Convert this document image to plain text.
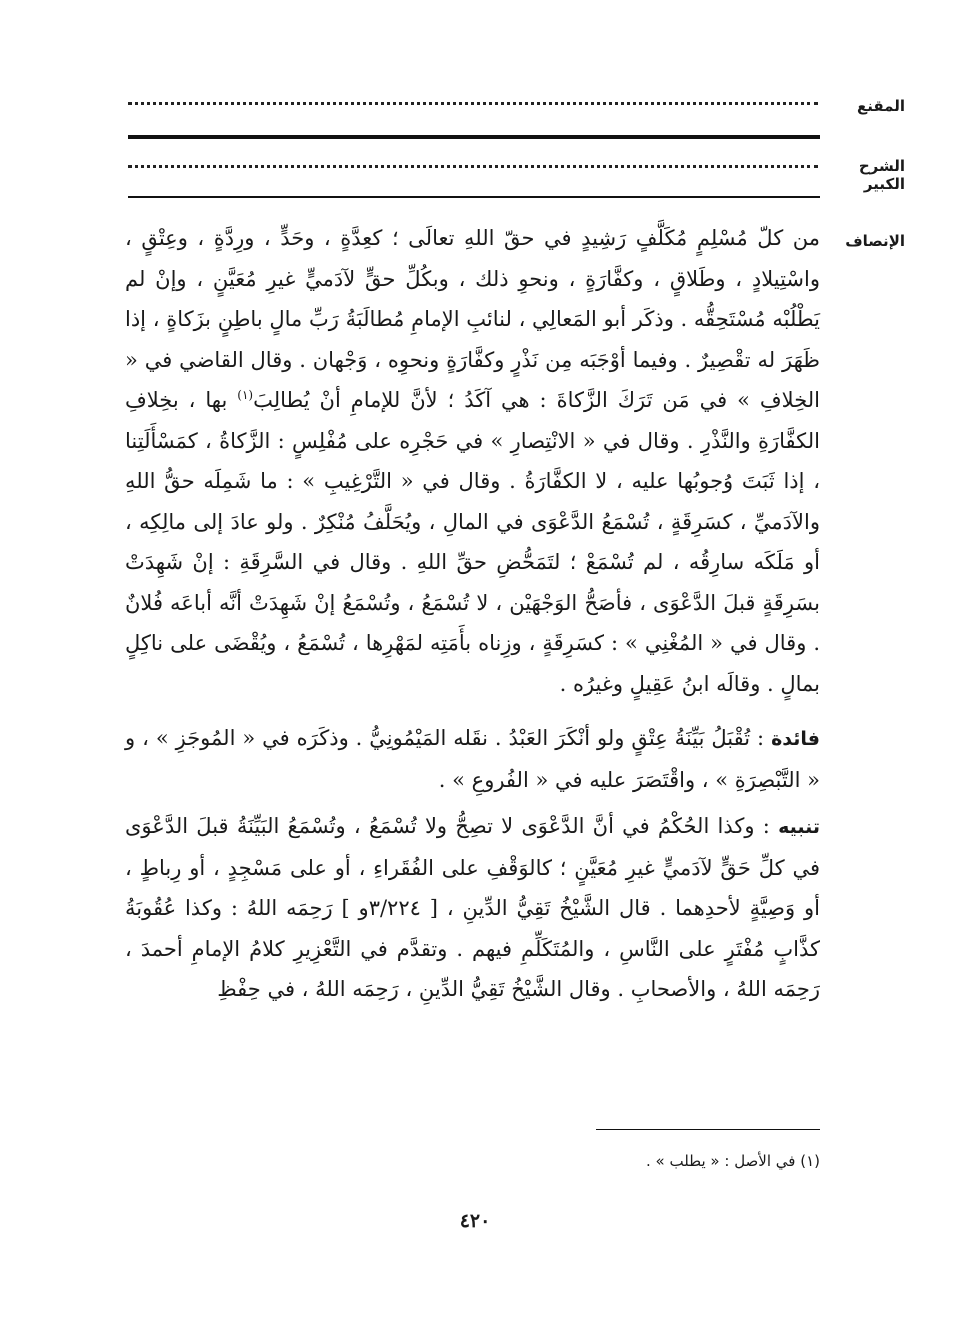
المقنع
الشرح الكبير
الإنصاف

من كلّ مُسْلِمٍ مُكَلَّفٍ رَشِيدٍ في حقّ اللهِ تعالَى ؛ كعِدَّةٍ ، وحَدٍّ ، ورِدَّةٍ ، وعِتْقٍ ، واسْتِيلادٍ ، وطَلاقٍ ، وكفَّارَةٍ ، ونحوِ ذلك ، وبكُلِّ حقٍّ لآدَميٍّ غيرِ مُعَيَّنٍ ، وإنْ لم يَطْلُبْه مُسْتَحِقُّه . وذكَر أبو المَعالِي ، لنائبِ الإمامِ مُطالَبَةُ رَبِّ مالٍ باطِنٍ بزَكاةٍ ، إذا ظَهَرَ له تقْصِيرٌ . وفيما أوْجَبَه مِن نَذْرٍ وكفَّارَةٍ ونحوِه ، وَجْهان . وقال القاضي في « الخِلافِ » في مَن تَرَكَ الزَّكاةَ : هي آكَدُ ؛ لأنَّ للإمامِ أنْ يُطالِبَ$^{(١)}$ بها ، بخِلافِ الكفَّارَةِ والنَّذْرِ . وقال في « الانْتِصارِ » في حَجْرِه على مُفْلِسٍ : الزَّكاةُ ، كمَسْأَلَتِنا ، إذا ثَبَتَ وُجوبُها عليه ، لا الكفَّارَةُ . وقال في « التَّرْغِيبِ » : ما شَمِلَه حقُّ اللهِ والآدَميِّ ، كسَرِقَةٍ ، تُسْمَعُ الدَّعْوَى في المالِ ، ويُحَلَّفُ مُنْكِرٌ . ولو عادَ إلى مالِكِه ، أو مَلَكَه سارِقُه ، لم تُسْمَعْ ؛ لتَمَحُّضِ حقِّ اللهِ . وقال في السَّرِقَةِ : إنْ شَهِدَتْ بسَرِقَةٍ قبلَ الدَّعْوَى ، فأصَحُّ الوَجْهَيْن ، لا تُسْمَعُ ، وتُسْمَعُ إنْ شَهِدَتْ أنَّه أباعَه فُلانٌ . وقال في « المُغْنِي » : كسَرِقَةٍ ، وزِناه بأَمَتِه لمَهْرِها ، تُسْمَعُ ، ويُقْضَى على ناكِلٍ بمالٍ . وقالَه ابنُ عَقِيلٍ وغيرُه .

فائدة : تُقْبَلُ بَيِّنَةُ عِتْقٍ ولو أنْكَرَ العَبْدُ . نقَله المَيْمُونِيُّ . وذكَرَه في « المُوجَزِ » ، و « التَّبْصِرَةِ » ، واقْتَصَرَ عليه في « الفُروعِ » .

تنبيه : وكذا الحُكْمُ في أنَّ الدَّعْوَى لا تصِحُّ ولا تُسْمَعُ ، وتُسْمَعُ البَيِّنَةُ قبلَ الدَّعْوَى في كلِّ حَقٍّ لآدَميٍّ غيرِ مُعَيَّنٍ ؛ كالوَقْفِ على الفُقَراءِ ، أو على مَسْجِدٍ ، أو رِباطٍ ، أو وَصِيَّةٍ لأحدِهما . قال الشَّيْخُ تَقِيُّ الدِّينِ ، [ ٣/٢٢٤و ] رَحِمَه اللهُ : وكذا عُقُوبَةُ كذَّابٍ مُفْتَرٍ على النَّاسِ ، والمُتَكَلِّمِ فيهم . وتقدَّم في التَّعْزِيرِ كلامُ الإمامِ أحمدَ ، رَحِمَه اللهُ ، والأصحابِ . وقال الشَّيْخُ تَقِيُّ الدِّينِ ، رَحِمَه اللهُ ، في حِفْظِ

(١) في الأصل : « يطلب » .
٤٢٠
